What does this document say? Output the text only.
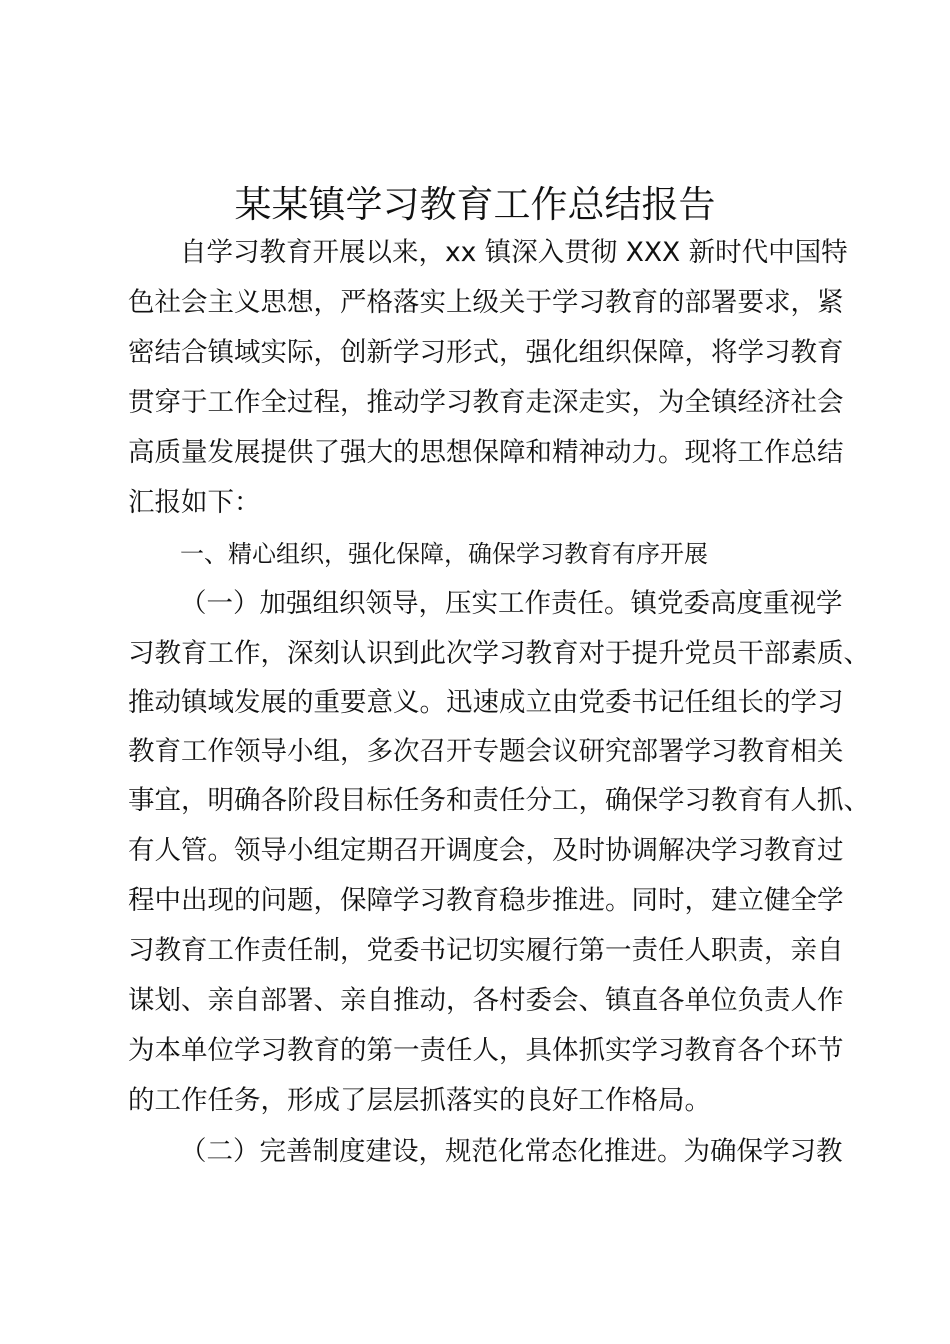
某某镇学习教育工作总结报告

自学习教育开展以来，xx 镇深入贯彻 XXX 新时代中国特

色社会主义思想，严格落实上级关于学习教育的部署要求，紧

密结合镇域实际，创新学习形式，强化组织保障，将学习教育

贯穿于工作全过程，推动学习教育走深走实，为全镇经济社会

高质量发展提供了强大的思想保障和精神动力。现将工作总结

汇报如下：

一、精心组织，强化保障，确保学习教育有序开展

（一）加强组织领导，压实工作责任。镇党委高度重视学

习教育工作，深刻认识到此次学习教育对于提升党员干部素质、

推动镇域发展的重要意义。迅速成立由党委书记任组长的学习

教育工作领导小组，多次召开专题会议研究部署学习教育相关

事宜，明确各阶段目标任务和责任分工，确保学习教育有人抓、

有人管。领导小组定期召开调度会，及时协调解决学习教育过

程中出现的问题，保障学习教育稳步推进。同时，建立健全学

习教育工作责任制，党委书记切实履行第一责任人职责，亲自

谋划、亲自部署、亲自推动，各村委会、镇直各单位负责人作

为本单位学习教育的第一责任人，具体抓实学习教育各个环节

的工作任务，形成了层层抓落实的良好工作格局。

（二）完善制度建设，规范化常态化推进。为确保学习教
